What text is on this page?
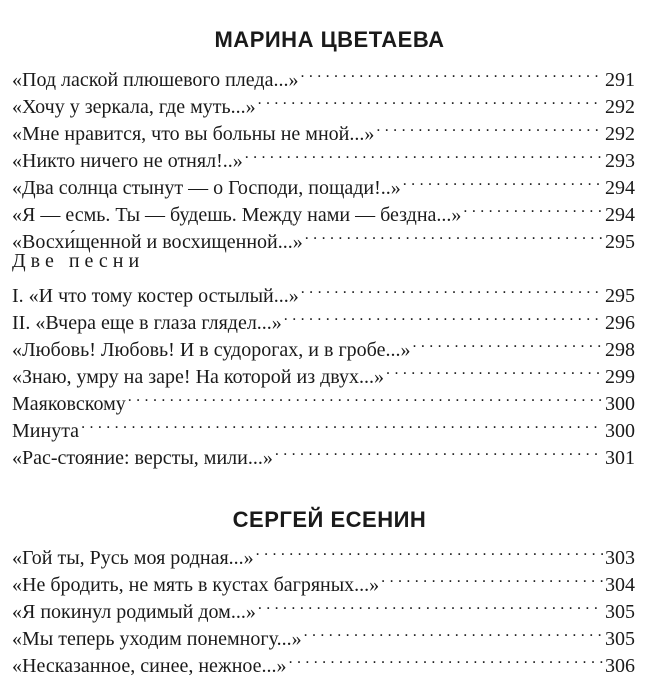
МАРИНА ЦВЕТАЕВА
«Под лаской плюшевого пледа...» . . .	291
«Хочу у зеркала, где муть...» . . .	292
«Мне нравится, что вы больны не мной...» . . .	292
«Никто ничего не отнял!..» . . .	293
«Два солнца стынут — о Господи, пощади!..» . . .	294
«Я — есмь. Ты — будешь. Между нами — бездна...» . . .	294
«Восхи́щенной и восхищенной...» . . .	295
Две песни
I. «И что тому костер остылый...» . . .	295
II. «Вчера еще в глаза глядел...» . . .	296
«Любовь! Любовь! И в судорогах, и в гробе...» . . .	298
«Знаю, умру на заре! На которой из двух...» . . .	299
Маяковскому . . .	300
Минута . . .	300
«Рас-стояние: версты, мили...» . . .	301
СЕРГЕЙ ЕСЕНИН
«Гой ты, Русь моя родная...» . . .	303
«Не бродить, не мять в кустах багряных...» . . .	304
«Я покинул родимый дом...» . . .	305
«Мы теперь уходим понемногу...» . . .	305
«Несказанное, синее, нежное...» . . .	306
